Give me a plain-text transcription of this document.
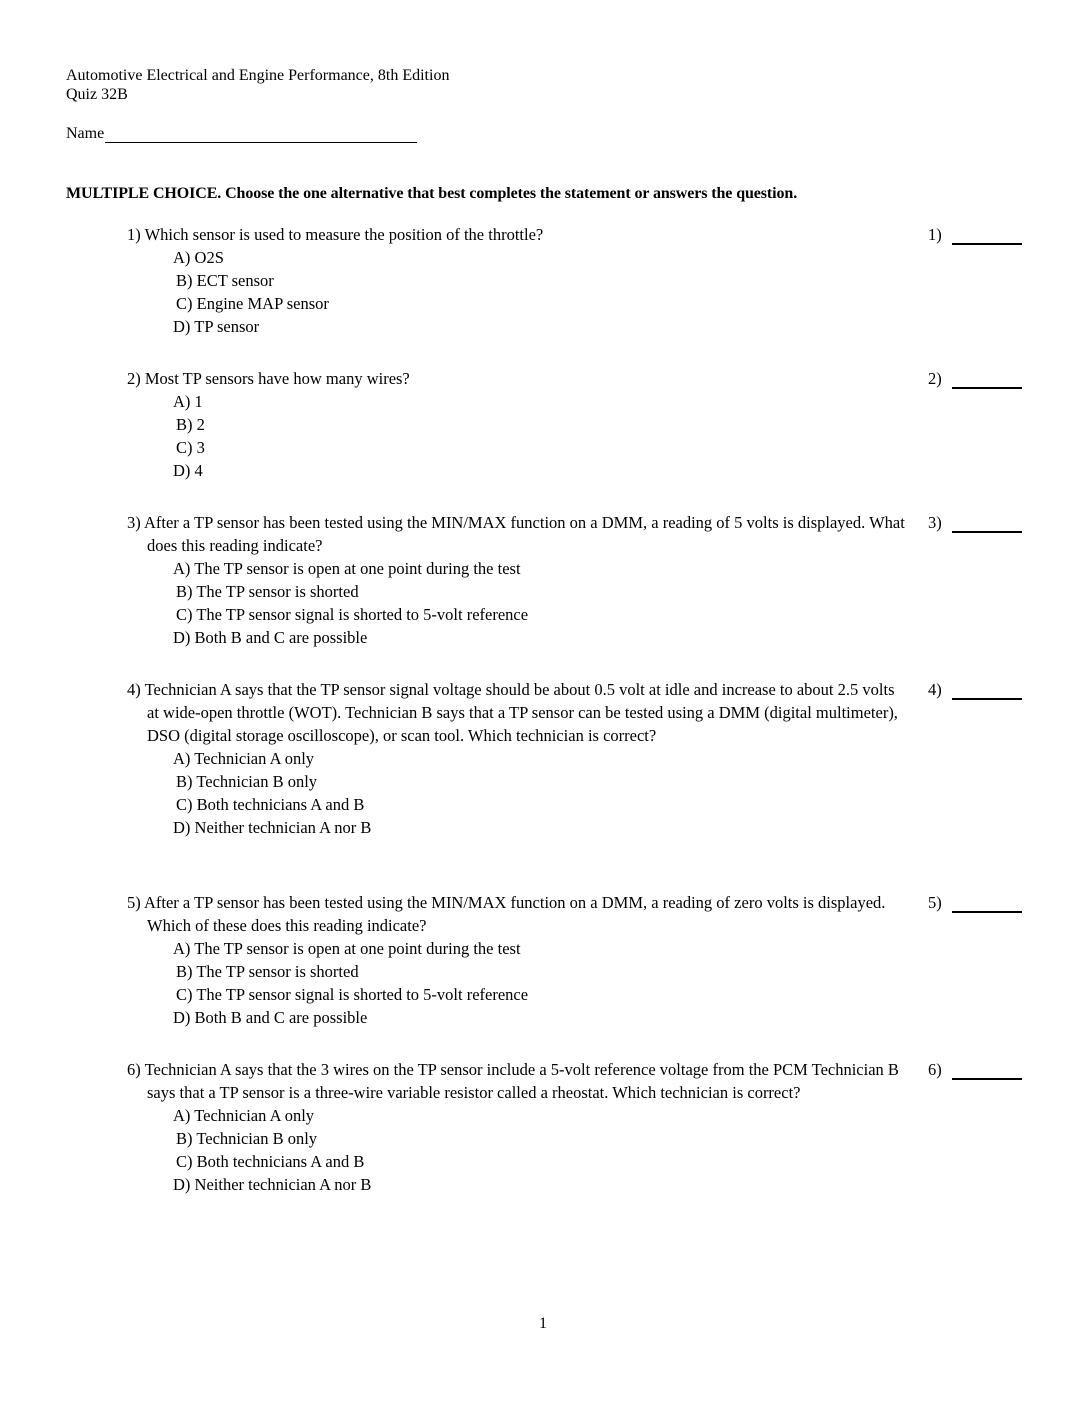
Automotive Electrical and Engine Performance, 8th Edition
Quiz 32B
Name
MULTIPLE CHOICE. Choose the one alternative that best completes the statement or answers the question.
1) Which sensor is used to measure the position of the throttle?
A) O2S
B) ECT sensor
C) Engine MAP sensor
D) TP sensor
1)
2) Most TP sensors have how many wires?
A) 1
B) 2
C) 3
D) 4
2)
3) After a TP sensor has been tested using the MIN/MAX function on a DMM, a reading of 5 volts is displayed. What does this reading indicate?
A) The TP sensor is open at one point during the test
B) The TP sensor is shorted
C) The TP sensor signal is shorted to 5-volt reference
D) Both B and C are possible
3)
4) Technician A says that the TP sensor signal voltage should be about 0.5 volt at idle and increase to about 2.5 volts at wide-open throttle (WOT). Technician B says that a TP sensor can be tested using a DMM (digital multimeter), DSO (digital storage oscilloscope), or scan tool. Which technician is correct?
A) Technician A only
B) Technician B only
C) Both technicians A and B
D) Neither technician A nor B
4)
5) After a TP sensor has been tested using the MIN/MAX function on a DMM, a reading of zero volts is displayed. Which of these does this reading indicate?
A) The TP sensor is open at one point during the test
B) The TP sensor is shorted
C) The TP sensor signal is shorted to 5-volt reference
D) Both B and C are possible
5)
6) Technician A says that the 3 wires on the TP sensor include a 5-volt reference voltage from the PCM Technician B says that a TP sensor is a three-wire variable resistor called a rheostat. Which technician is correct?
A) Technician A only
B) Technician B only
C) Both technicians A and B
D) Neither technician A nor B
6)
1
